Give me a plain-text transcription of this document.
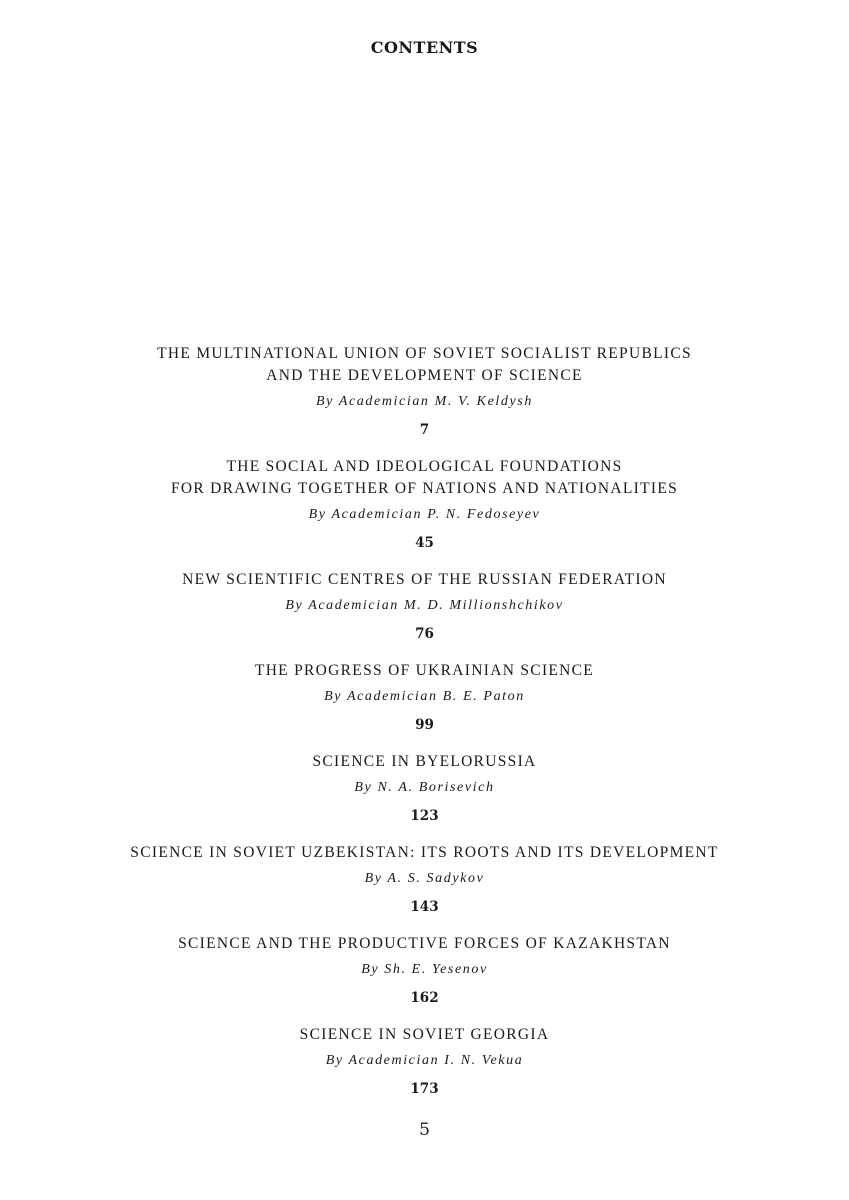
CONTENTS
THE MULTINATIONAL UNION OF SOVIET SOCIALIST REPUBLICS
AND THE DEVELOPMENT OF SCIENCE
By Academician M. V. Keldysh
7
THE SOCIAL AND IDEOLOGICAL FOUNDATIONS
FOR DRAWING TOGETHER OF NATIONS AND NATIONALITIES
By Academician P. N. Fedoseyev
45
NEW SCIENTIFIC CENTRES OF THE RUSSIAN FEDERATION
By Academician M. D. Millionshchikov
76
THE PROGRESS OF UKRAINIAN SCIENCE
By Academician B. E. Paton
99
SCIENCE IN BYELORUSSIA
By N. A. Borisevich
123
SCIENCE IN SOVIET UZBEKISTAN: ITS ROOTS AND ITS DEVELOPMENT
By A. S. Sadykov
143
SCIENCE AND THE PRODUCTIVE FORCES OF KAZAKHSTAN
By Sh. E. Yesenov
162
SCIENCE IN SOVIET GEORGIA
By Academician I. N. Vekua
173
5
